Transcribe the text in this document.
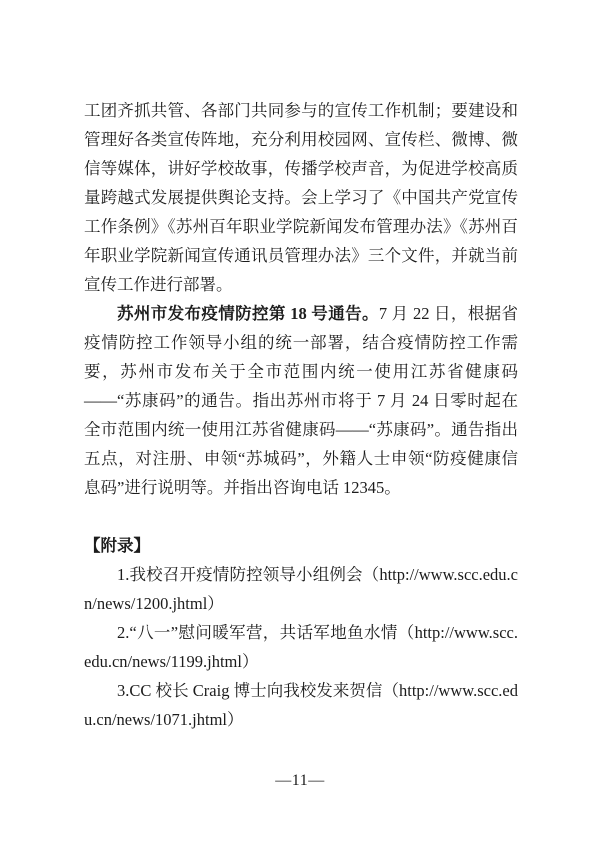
工团齐抓共管、各部门共同参与的宣传工作机制；要建设和管理好各类宣传阵地，充分利用校园网、宣传栏、微博、微信等媒体，讲好学校故事，传播学校声音，为促进学校高质量跨越式发展提供舆论支持。会上学习了《中国共产党宣传工作条例》《苏州百年职业学院新闻发布管理办法》《苏州百年职业学院新闻宣传通讯员管理办法》三个文件，并就当前宣传工作进行部署。

苏州市发布疫情防控第 18 号通告。7 月 22 日，根据省疫情防控工作领导小组的统一部署，结合疫情防控工作需要，苏州市发布关于全市范围内统一使用江苏省健康码——“苏康码”的通告。指出苏州市将于 7 月 24 日零时起在全市范围内统一使用江苏省健康码——“苏康码”。通告指出五点，对注册、申领“苏城码”，外籍人士申领“防疫健康信息码”进行说明等。并指出咨询电话 12345。

【附录】

1.我校召开疫情防控领导小组例会（http://www.scc.edu.cn/news/1200.jhtml）

2.“八一”慰问暖军营，共话军地鱼水情（http://www.scc.edu.cn/news/1199.jhtml）

3.CC 校长 Craig 博士向我校发来贺信（http://www.scc.edu.cn/news/1071.jhtml）

—11—
